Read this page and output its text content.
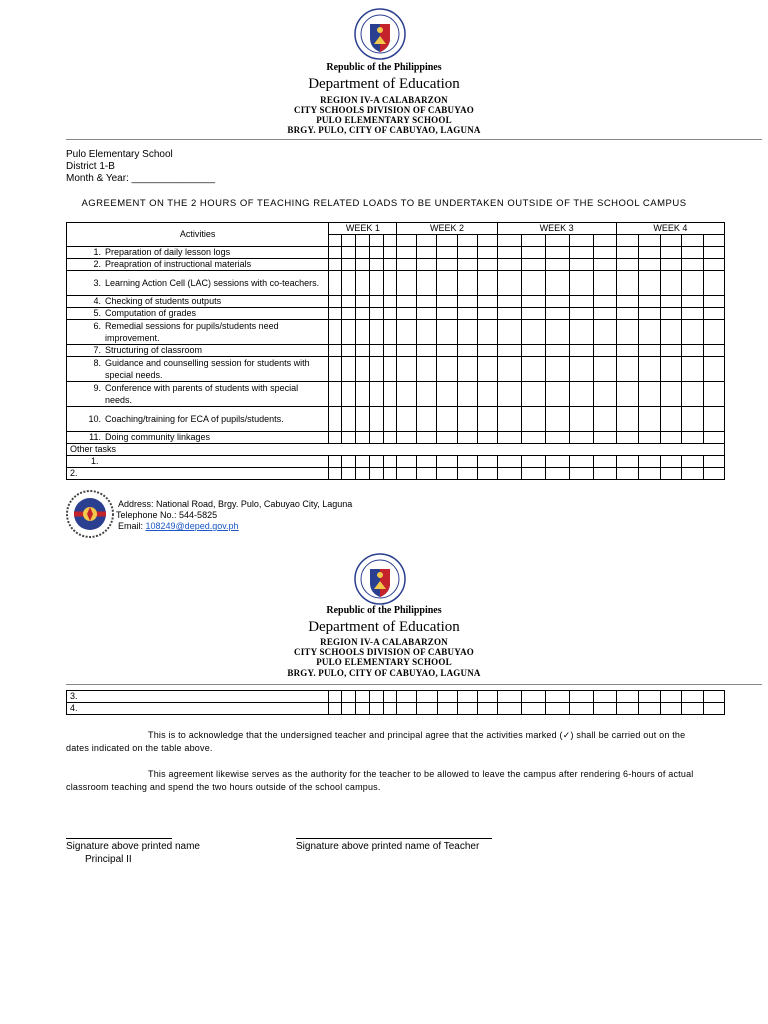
Republic of the Philippines
Department of Education
REGION IV-A CALABARZON
CITY SCHOOLS DIVISION OF CABUYAO
PULO ELEMENTARY SCHOOL
BRGY. PULO, CITY OF CABUYAO, LAGUNA
Pulo Elementary School
District 1-B
Month & Year: _______________
AGREEMENT ON THE 2 HOURS OF TEACHING RELATED LOADS TO BE UNDERTAKEN OUTSIDE OF THE SCHOOL CAMPUS
Activities	WEEK 1					WEEK 2					WEEK 3					WEEK 4				

1. Preparation of daily lesson logs																				
2. Preapration of instructional materials																				
3. Learning Action Cell (LAC) sessions with co-teachers.																				
4. Checking of students outputs																				
5. Computation of grades																				
6. Remedial sessions for pupils/students need improvement.																				
7. Structuring of classroom																				
8. Guidance and counselling session for students with special needs.																				
9. Conference with parents of students with special needs.																				
10. Coaching/training for ECA of pupils/students.																				
11. Doing community linkages																				
Other tasks																				
1.																				
2.																				
Address: National Road, Brgy. Pulo, Cabuyao City, Laguna
Telephone No.: 544-5825
Email: 108249@deped.gov.ph
Republic of the Philippines
Department of Education
REGION IV-A CALABARZON
CITY SCHOOLS DIVISION OF CABUYAO
PULO ELEMENTARY SCHOOL
BRGY. PULO, CITY OF CABUYAO, LAGUNA
3.																				
4.																				
This is to acknowledge that the undersigned teacher and principal agree that the activities marked (✓) shall be carried out on the dates indicated on the table above.
This agreement likewise serves as the authority for the teacher to be allowed to leave the campus after rendering 6-hours of actual classroom teaching and spend the two hours outside of the school campus.
Signature above printed name
Principal II
Signature above printed name of Teacher
